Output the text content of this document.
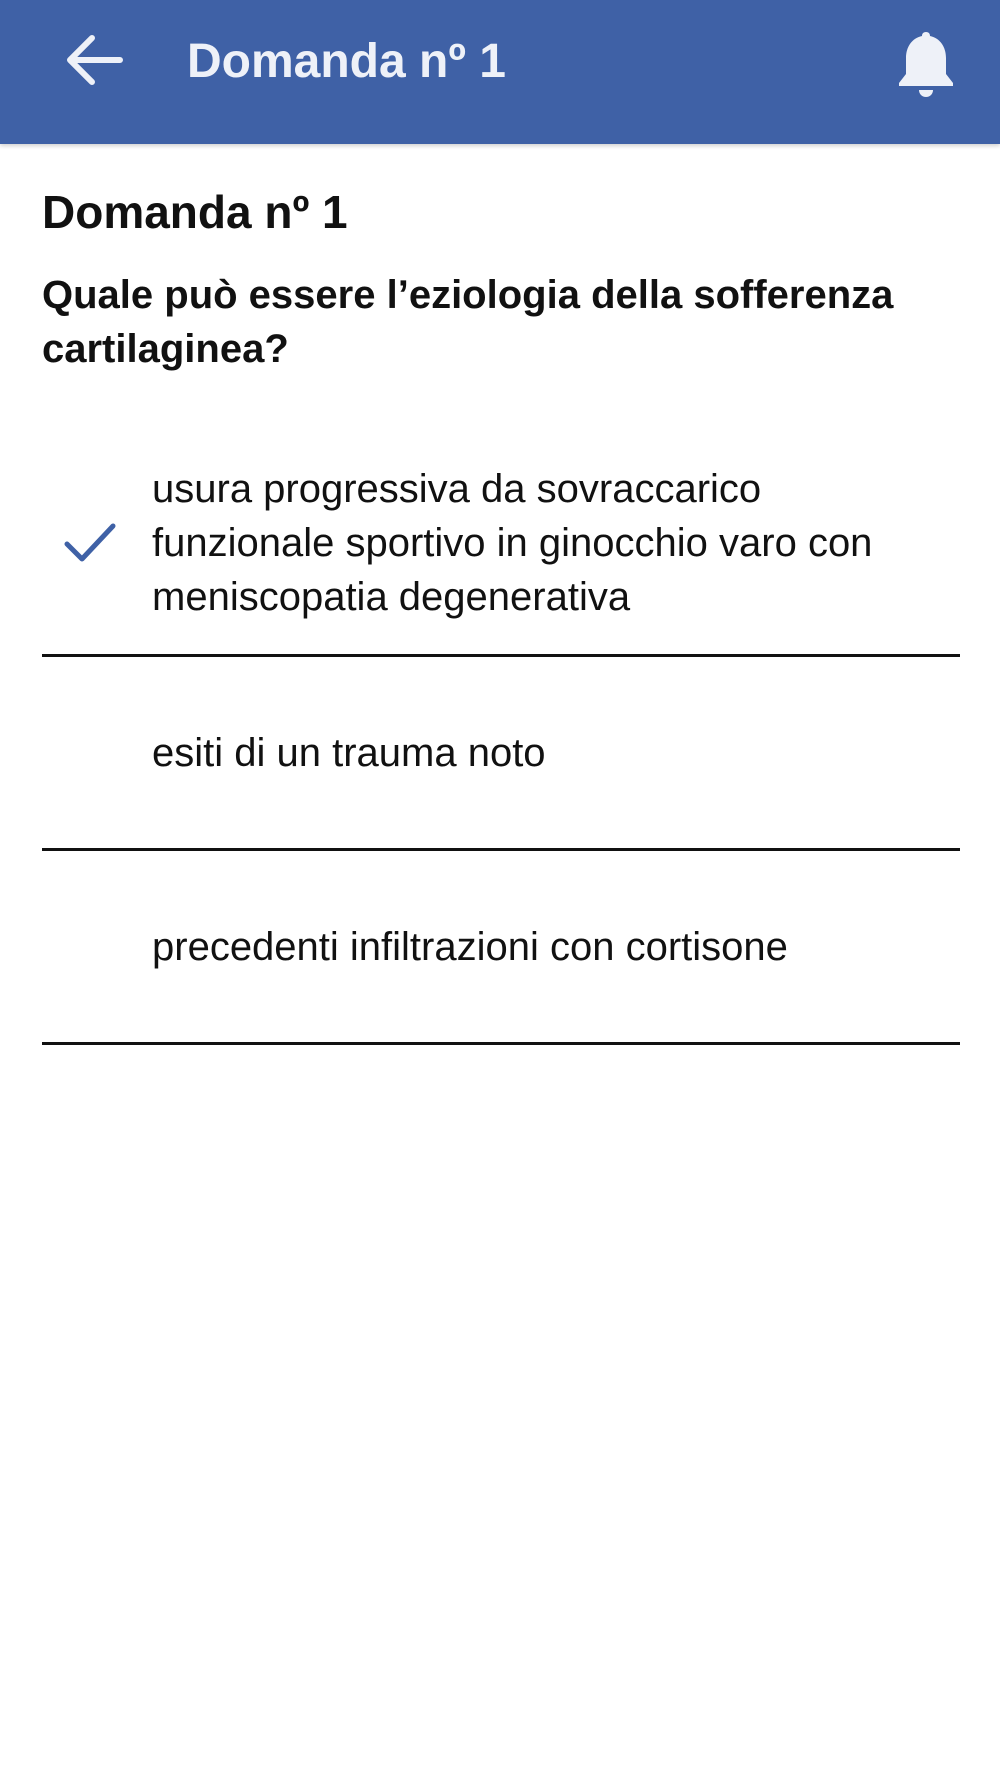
Domanda nº 1
Domanda nº 1
Quale può essere l’eziologia della sofferenza cartilaginea?
usura progressiva da sovraccarico funzionale sportivo in ginocchio varo con meniscopatia degenerativa
esiti di un trauma noto
precedenti infiltrazioni con cortisone
